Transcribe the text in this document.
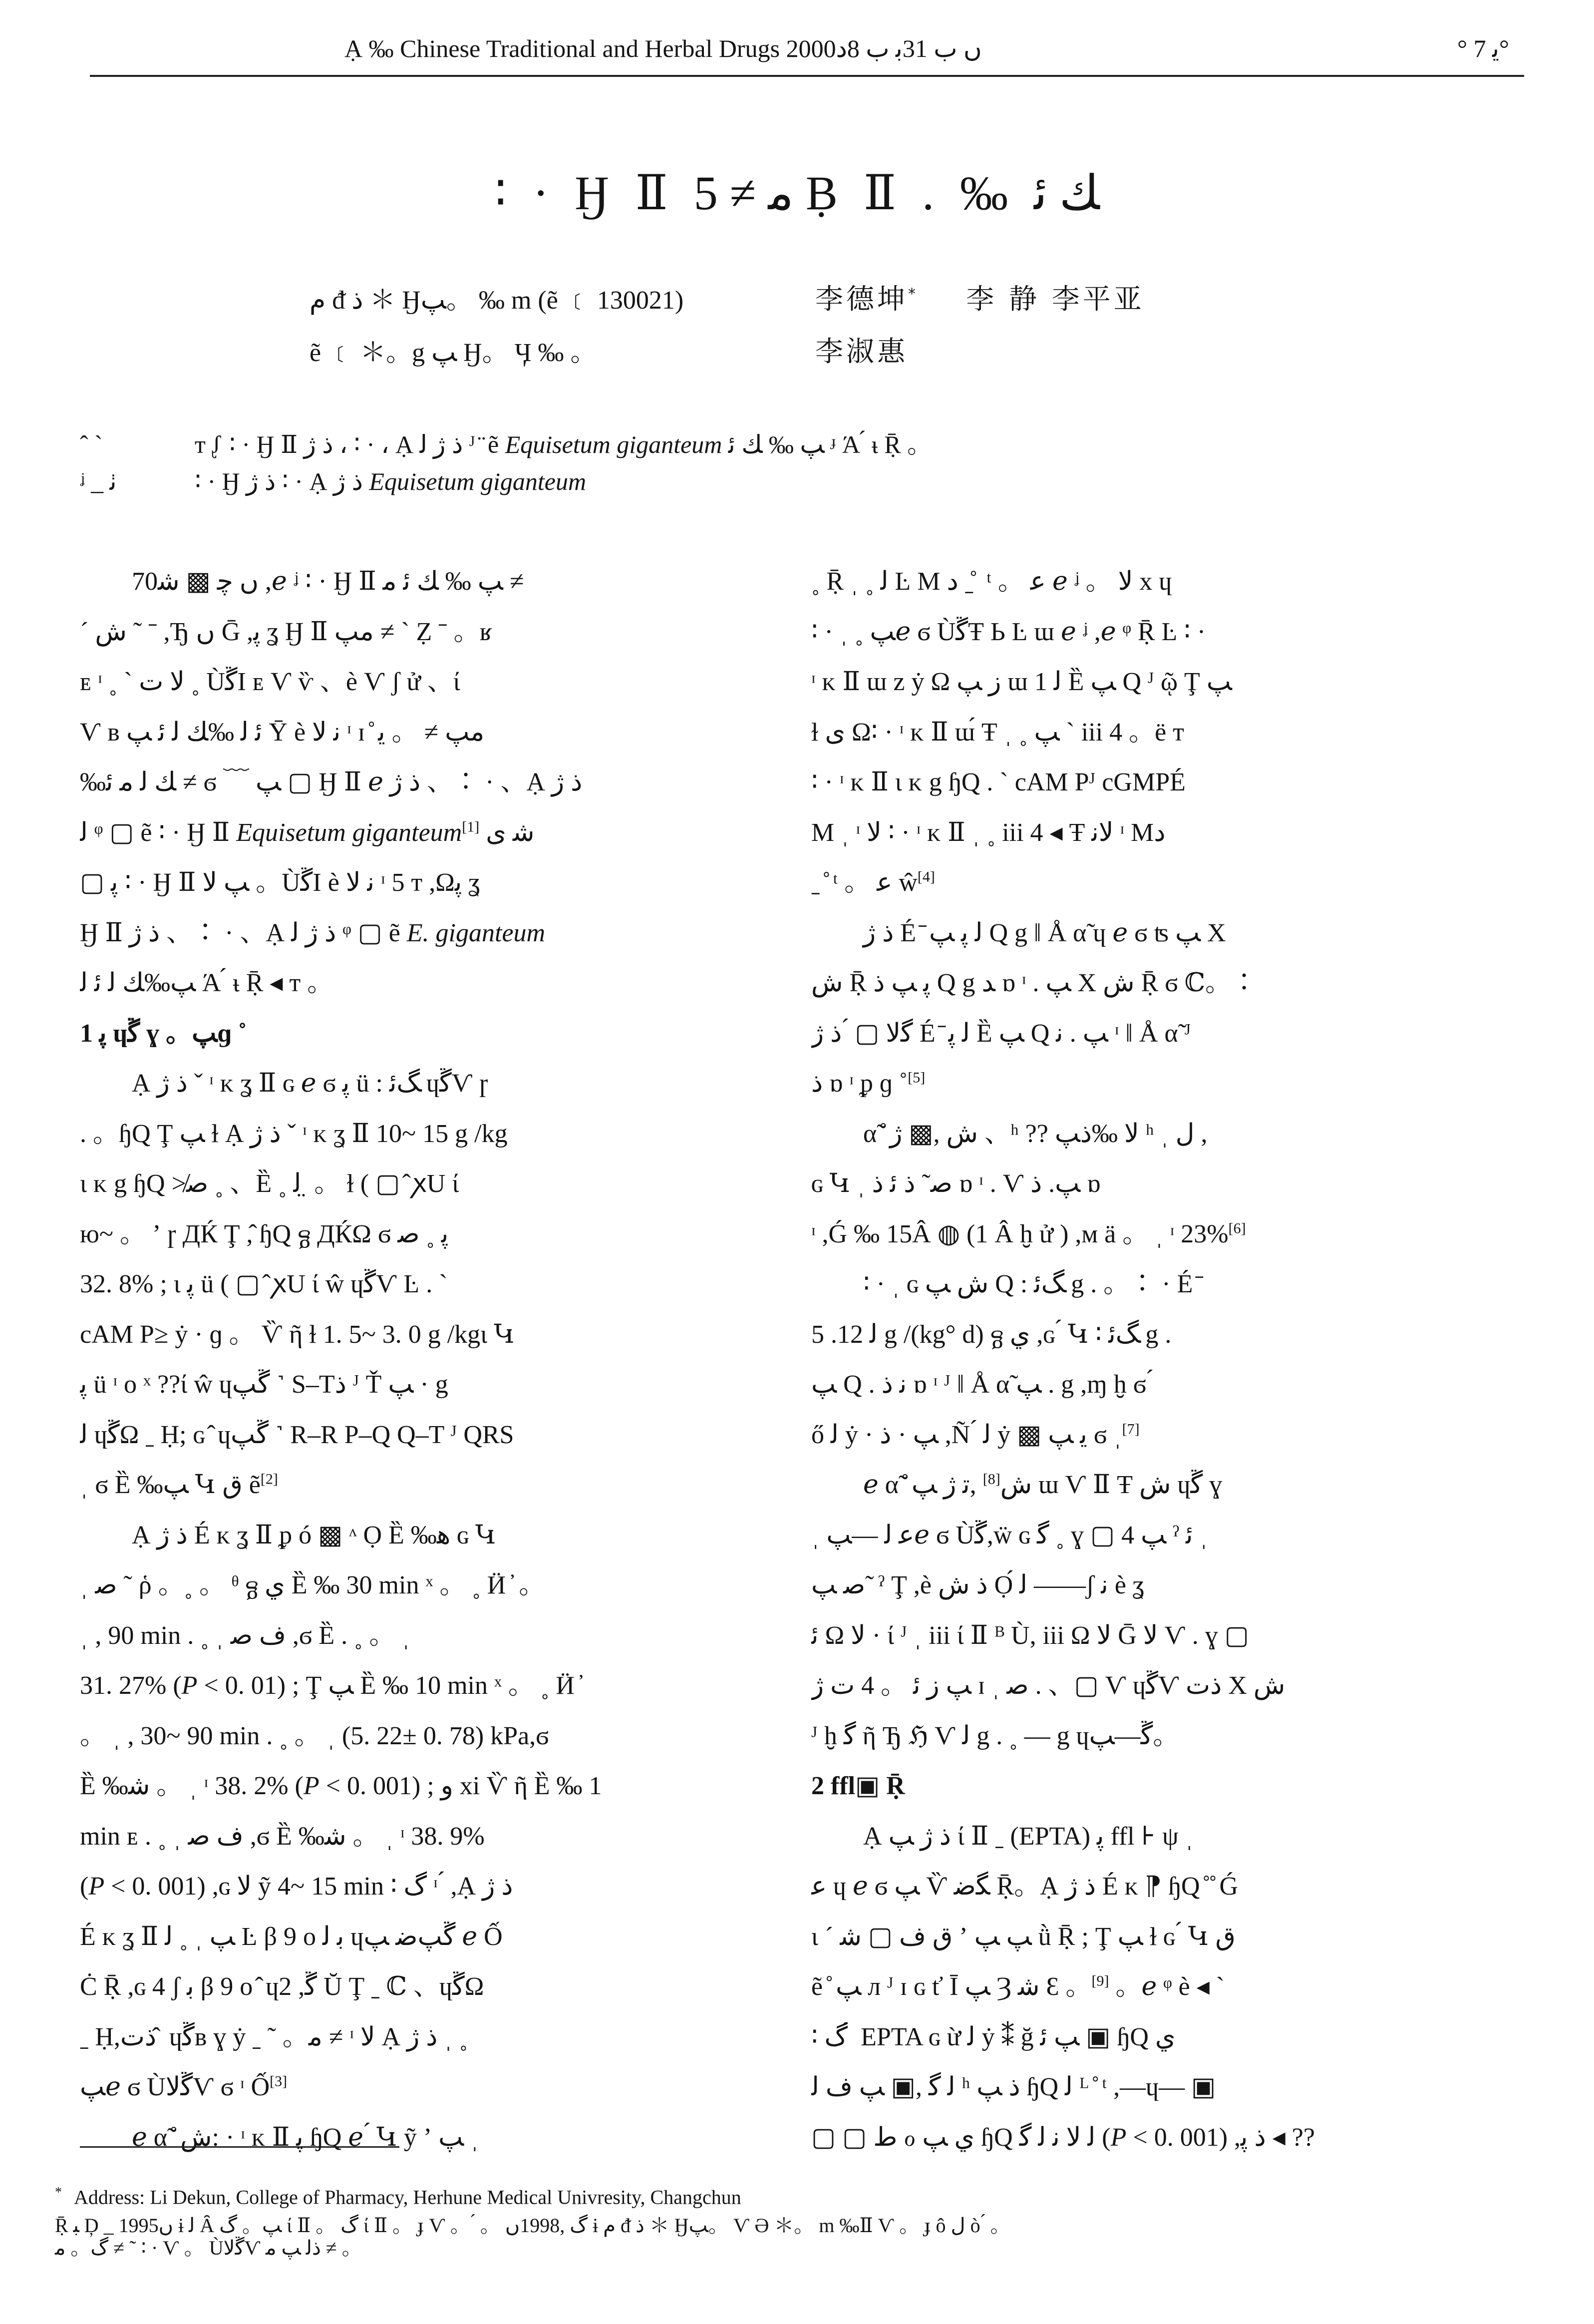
Ạ ‰ Chinese Traditional and Herbal Drugs 2000ں ب 31ﺑ ب 8ﺩ	° ﻳ 7°
∶ · Ӈ Ⅱ ﻣ ≠ 5 Ḅ Ⅱ . ‰ ﻚ ﺋ
ﻡ ᵭ ﺫ ＊ Ӈﭗ。 ‰ m (ẽ ﹝ 130021)	李德坤* 李 静 李平亚
ẽ ﹝ ＊。g ﭗ Ӈ。 Ӌ ‰ 。	李淑惠
ˆ ˋ	ᴛ ᶘ ∶ · Ӈ Ⅱ ﺫ ﮊ ، ∶ · ، Ạ ﺫ ﮊ ﻟ ᴶ ̈ ẽ Equisetum giganteum ﭗ ‰ ﻚ ﺋ ᶡ Ά ́ ᵼ Ṝ 。
ᶨ _ ﭠ	∶ · Ӈ ﺫ ﮊ ∶ · Ạ ﺫ ﮊ Equisetum giganteum

70ں ﭼ ▩ ﺷ ,ℯ ᶨ ∶ · Ӈ Ⅱ ﭗ ‰ ﻚ ﺋ ﻣ ≠

ˊ ﺵ ˜ ˉ ,Ђ ں Ḡ ,ﭘ ʓ Ӈ Ⅱ ﻣﭗ ≠ ˋ Ẓ ˉ 。ʁ

ᴇ ᶦ ˳ ˋ ﻻ ﺕ ˳ ÙﮜӀ ᴇ Ѵ ѷ 、è Ѵ ʃ ử 、ί

Ѵ ʙ ﺋ ﻟ ‰ﻚ ﻟ ﺋ ﭗ Ῡ è ﻧ ﻻ ᶦ ɪ ̊ ﻣﭗ ≠ 。 ﯾ

‰ﻚ ﻟ ﻣ ﺋ ≠ ϭ ﹋ ﭗ ▢ Ӈ Ⅱ ℯ ﺫ ﮊ 、∶ · 、Ạ ﺫ ﮊ

ﻟ ᵠ ▢ ẽ ∶ · Ӈ Ⅱ Equisetum giganteum[1] ﺷ ﯼ

▢ ﭘ ∶ · Ӈ Ⅱ ﭗ ﻻ 。ÙﮜӀ è ﻧ ﻻ ᶦ 5 ᴛ ,Ωﭘ ʓ

Ӈ Ⅱ ﺫ ﮊ 、∶ · 、Ạ ﺫ ﮊ ﻟ ᵠ ▢ ẽ E. giganteum

ﭗ‰ﻚ ﻟ ﺋ ﻟ Ά ́ ᵼ Ṝ ◂ ᴛ 。

1 ﭘ ɥﮜ ɣ 。ﭗɡ ˚

Ạ ﺫ ﮊ ˇ ᶦ ᴋ ʓ Ⅱ ɢ ℯ ϭ ﭘ ü : ﮓﺋ ɥﮜѴ ɼ

. 。ɧQ Ţ ﭗ ɫ Ạ ﺫ ﮊ ˇ ᶦ ᴋ ʓ Ⅱ 10~ 15 g /kg

ɩ ᴋ g ɧQ ≯ﺻ ˳ 、Ȅ ˳ ﻟ ̤ 。 ɫ ( ▢ ̂ ꭗU ί

ю~ 。 ʼ ɼ ДЌ Ţ ,̂ ɧQ ᵷ ДЌΩ ϭ ﭘ ˳ ﺻ

32. 8% ; ɩ ﭘ ü ( ▢ ̂ ꭗU ί ŵ ɥﮜѴ Ŀ . ˋ

cAM P≥ ẏ · ɡ 。 Ѷ ῆ ɫ 1. 5~ 3. 0 g /kgɩ Կ

ﭘ ü ᶦ ᴏ ˣ ??ί ŵ ɥﮜﭗ ˺ S–Tﺫ ᴶ Ť ﭗ · g

ﻟ ɥﮜΩ ˍ Ḥ; ɢ ̂ ɥﮜﭗ ˺ R–R P–Q Q–T ᴶ QRS

ˌ ϭ Ȅ ‰ﭗ Կ ﻕ ẽ[2]

Ạ ﺫ ﮊ É ᴋ ʓ Ⅱ ᵱ ó ▩ ᶺ Ọ Ȅ ‰ﻫ ɢ Կ

ˌ ﺻ ˜ ῥ 。˳ 。 ᶿ ᵷ ﻱ Ȅ ‰ 30 min ˣ 。 ˳ Ӥ ̓ 。

ˌ , 90 min . ˳ ˌ ﻑ ﺻ ,ϭ Ȅ . ˳ 。 ˌ

31. 27% (P < 0. 01) ; Ţ ﭗ Ȅ ‰ 10 min ˣ 。 ˳ Ӥ ̓

。 ˌ , 30~ 90 min . ˳ 。 ˌ (5. 22± 0. 78) kPa,ϭ

Ȅ ‰ﺷ 。 ˌ ᶦ 38. 2% (P < 0. 001) ; ﻭ xi Ѷ ῆ Ȅ ‰ 1

min ᴇ . ˳ ˌ ﻑ ﺻ ,ϭ Ȅ ‰ﺷ 。 ˌ ᶦ 38. 9%

(P < 0. 001) ,ɢ ﻻ ỹ 4~ 15 min ∶ ﮒ ᶦ ́ ,Ạ ﺫ ﮊ

É ᴋ ʓ Ⅱ ﭗ ˌ ˳ ﻟ Ŀ β 9 ᴏ ﺑ ﻟ ɥﮜﭗﺿ ﭗ ℯ Ố

Ċ Ṝ ,ɢ 4 ʃ ﺑ β 9 ᴏ ̂ ɥﮜ, 2 Ŭ Ţ ˍ ℂ 、ɥﮜΩ

ˍ Ḥ,ﺫﺕ ̂ ɥﮜʙ ɣ ẏ ˍ ˜ 。ﻣ ≠ ᶦ ﻻ Ạ ﺫ ﮊ ˌ ˳

ﭗℯ ϭ ÙﮜﻻѴ ϭ ᶦ Ố[3]

ℯ α̃ ̊ ﺵ: · ᶦ ᴋ Ⅱ ﭘ ɧQ ℯ ́ Կ ỹ ʼ ﭗ ˌ

˳ Ṝ ˌ ˳ ﻟ Ŀ M ﺩ ˍ ̊ ᵗ 。 ﻋ ℯ ᶨ 。 ﻻ x ɥ

∶ · ˌ ˳ ﭗℯ ϭ ÙﮜŦ Ь Ŀ ɯ ℯ ᶨ ,ℯ ᵠ Ṝ Ŀ ∶ ·

ᶦ ᴋ Ⅱ ɯ z ẏ Ω ﺯ ﭗ ɯ 1 ﻟ Ȅ ﭗ Q ᴶ ῷ Ţ ﭗ

ɫ ﯼ Ω∶ · ᶦ ᴋ Ⅱ ɯ́ Ŧ ˌ ˳ ﭗ ˋ iii 4 。ë ᴛ

∶ · ᶦ ᴋ Ⅱ ɩ ᴋ g ɧQ . ˋ cAM Pᴶ cGMPÉ

M ˌ ᶦ ﻻ ∶ · ᶦ ᴋ Ⅱ ˌ ˳ iii 4 ◂ Ŧ ﻻﻧ ᶦ Mﺩ

ˍ ̊ ᵗ 。 ﻋ ŵ[4]

ﺫ ﮊ É ̄ ﻟ ﭘ ﭗ Q g ‖ Å α̃ ɥ ℯ ϭ ʦ ﭗ X

ﺵ Ṝ ﭘ ﭗ ﺫ Q g ﺪ ɒ ᶦ . ﭗ X ﺵ Ṝ ϭ ℂ。∶

ﮔﻻ ▢ ́ ﺫ ﮊ É ̄ ﻟ ﭘ Ȅ ﭗ Q ﭗ . ﻧ ᶦ ‖ Å α̃ ᴶ

ﺫ ɒ ᶦ ᵱ ɡ ˚[5]

α̃ ̊ ﺵ ,▩ ﮊ 、ʰ ?? ﻻ ‰ﺫﭗ ʰ ˌ ﻝ ,

ɢ Կ ˌ ﺻ˜ ﺫ ﺋ ﺫ ɒ ᶦ . Ѵ ﭗ. ﺫ ɒ

ᶦ ,Ǵ ‰ 15Â ◍ (1 Â ḫ ử ) ,ᴍ ä 。 ˌ ᶦ 23%[6]

∶ · ˌ ɢ ﺵ ﭗ Q : ﮓﺋ g . 。∶ · É ̄

ﻟ 12. 5 g /(kg° d) ᵷ ﻱ ,ɢ ́ Կ ∶ ﮓﺋ g .

ﭗ Q . ﻧ ﺫ ɒ ᶦ ᴶ ‖ Å α̃ ﭗ . g ,ɱ ḫ ϭ ́

ő ﻟ ẏ · ﭗ · ﺫ ,Ñ ́ ﻟ ẏ ▩ ﯾ ﭗ ϭ ˌ[7]

ℯ α̃ ̊ ﺵ[8] ,ﺗ ﮊ ﭗ ɯ Ѵ Ⅱ Ŧ ﺵ ɥﮜ ɣ

ˌ ﻋ ﻟ —ﭗℯ ϭ Ùﮜ,ẅ ɢ ﮔ ˳ ɣ ▢ ﭗ 4 ˀ ﺋ ˌ

ﺻ ﭗ ̃ ˀ Ţ ,è ﺫ ﺵ Ọ́ ﻟ ——ʃ ﻧ è ʓ

ﺋ Ω ﻻ · ί ᴶ ˌ iii ί Ⅱ ᴮ Ù, iii Ω ﻻ Ḡ ﻻ Ѵ . ɣ ▢

ﭗ ﺯ ﺋ 。 4 ﺕ ﮊ ɪ ˌ ﺻ . 、▢ Ѵ ɥﮜѴ ﺫﺕ X ﺵ

ᴶ ḫ ﮔ ῆ Ђ ℌ Ѵ ﻟ g . ˳ — g ɥﮜ—ﭗ。

2 ffl▣ Ṝ

Ạ ﺫ ﮊ ﭗ ί Ⅱ ˍ (EPTA) ﭘ ffl ⊦ ψ ˌ

ﻋ ɥ ℯ ϭ ﭗ Ѷ ﮕﺿ Ṝ。Ạ ﺫ ﮊ É ᴋ ⁋ ɧQ ̊ ̊ Ǵ

ɩ ˊ ﻕ ﻑ ▢ ﺷ ʼ ﭗ ﭗ ǜ Ṝ ; Ţ ﭗ ɫ ɢ ́ Կ ﻕ

ẽ ̊ ﭗ ᴫ ᴶ ɪ ɢ ť Ī ﭗ Ȝ ﺷ Ɛ 。[9] 。ℯ ᵠ è ◂ ˋ

∶ ﮒ ́ EPTA ɢ ừ ﻟ ẏ ⁑ ğ ﭗ ﺋ ▣ ɧQ ﻱ

ﻟ ﮔ ,▣ ﭗ ﻑ ﻟ ʰ ﺫ ﭗ ɧQ ﻟ ᴸ ̊ ᵗ ,—ɥ— ▣

▢ ▢ ﻁ ℴ ﻱ ﭗ ɧQ ﻟ ﻻ ﻧ ﻟ ﮔ (P < 0. 001) ,ﺫ ﭘ ◂ ??

* Address: Li Dekun, College of Pharmacy, Herhune Medical Univresity, Changchun
Ṝ ﺒ Ḑ _ 1995ں ɨ ﻟ Ȃ ﭗ。 ﮒ ί Ⅱ 。 ﮒ ί Ⅱ 。 ɟ Ѵ 。 ́ 。 ﮒ ,1998ں ɨ ﻡ ᵭ ﺫ ＊ Ӈﭗ。 Ѵ Ә ＊。 m ‰Ⅱ Ѵ 。 ɟ ô ل ò ́ 。
ﮒ。 ﻣ ≠ ˜ ∶ · Ѵ 。 ÙﮜﻻѴ ﺫﻟ ﭗ ﻣ ≠ 。
